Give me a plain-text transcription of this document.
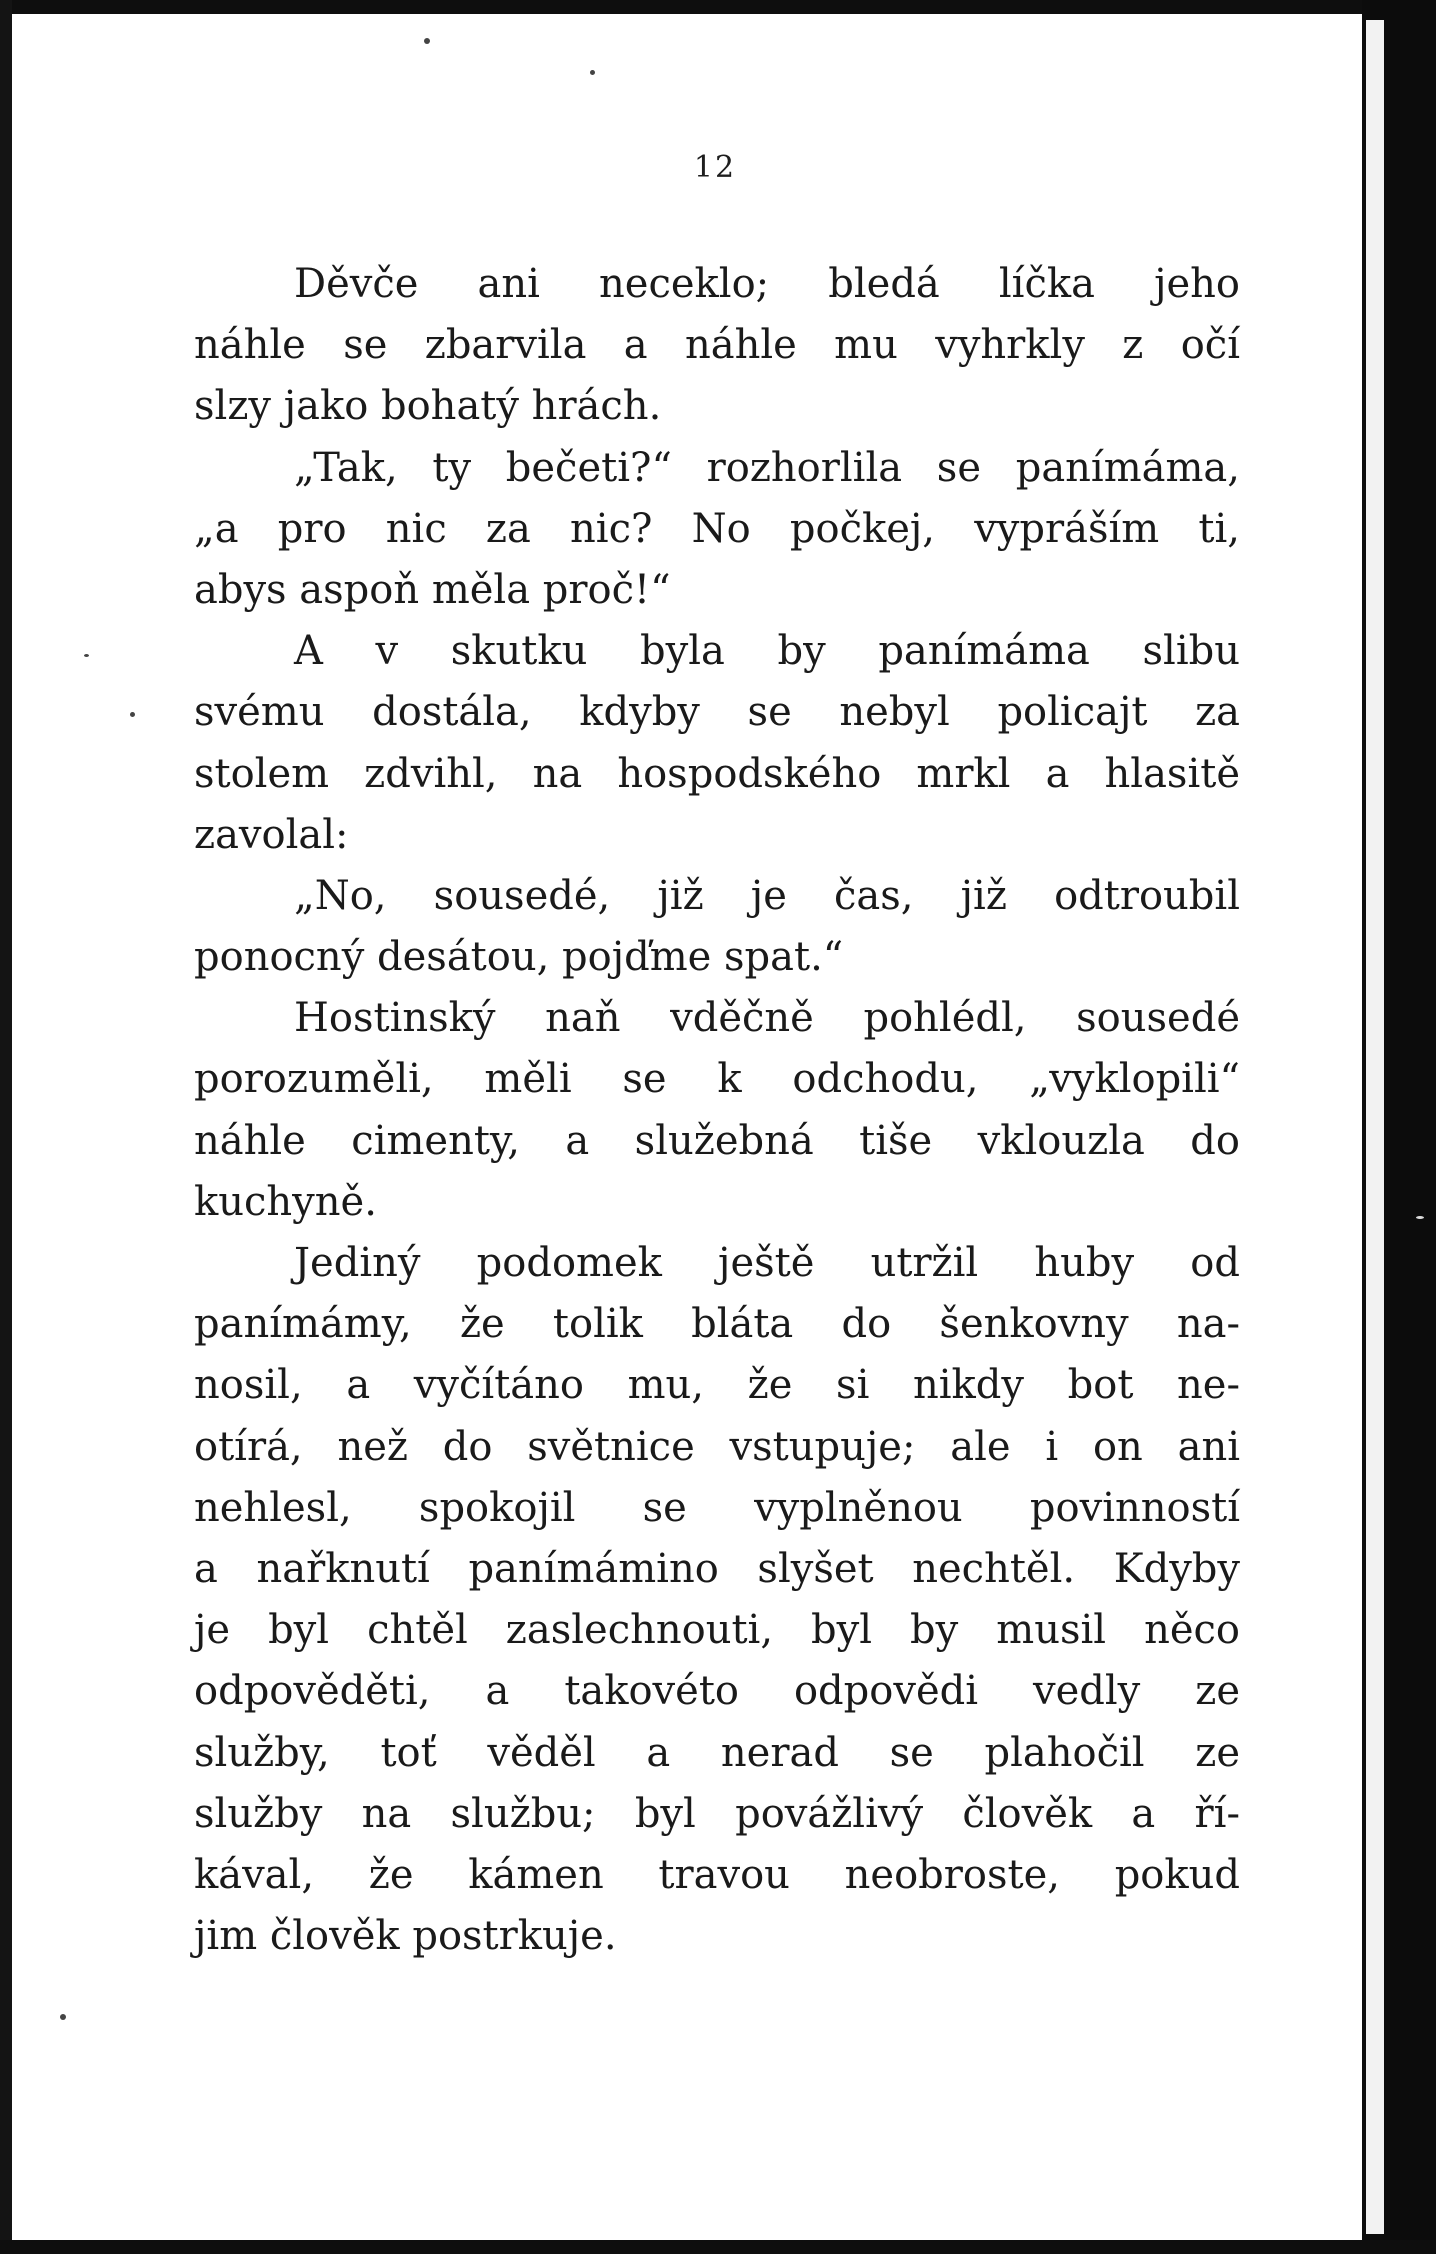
12
Děvče ani neceklo; bledá líčka jeho
náhle se zbarvila a náhle mu vyhrkly z očí
slzy jako bohatý hrách.
„Tak, ty bečeti?“ rozhorlila se panímáma,
„a pro nic za nic? No počkej, vypráším ti,
abys aspoň měla proč!“
A v skutku byla by panímáma slibu
svému dostála, kdyby se nebyl policajt za
stolem zdvihl, na hospodského mrkl a hlasitě
zavolal:
„No, sousedé, již je čas, již odtroubil
ponocný desátou, pojďme spat.“
Hostinský naň vděčně pohlédl, sousedé
porozuměli, měli se k odchodu, „vyklopili“
náhle cimenty, a služebná tiše vklouzla do
kuchyně.
Jediný podomek ještě utržil huby od
panímámy, že tolik bláta do šenkovny na-
nosil, a vyčítáno mu, že si nikdy bot ne-
otírá, než do světnice vstupuje; ale i on ani
nehlesl, spokojil se vyplněnou povinností
a nařknutí panímámino slyšet nechtěl. Kdyby
je byl chtěl zaslechnouti, byl by musil něco
odpověděti, a takovéto odpovědi vedly ze
služby, toť věděl a nerad se plahočil ze
služby na službu; byl povážlivý člověk a ří-
kával, že kámen travou neobroste, pokud
jim člověk postrkuje.
